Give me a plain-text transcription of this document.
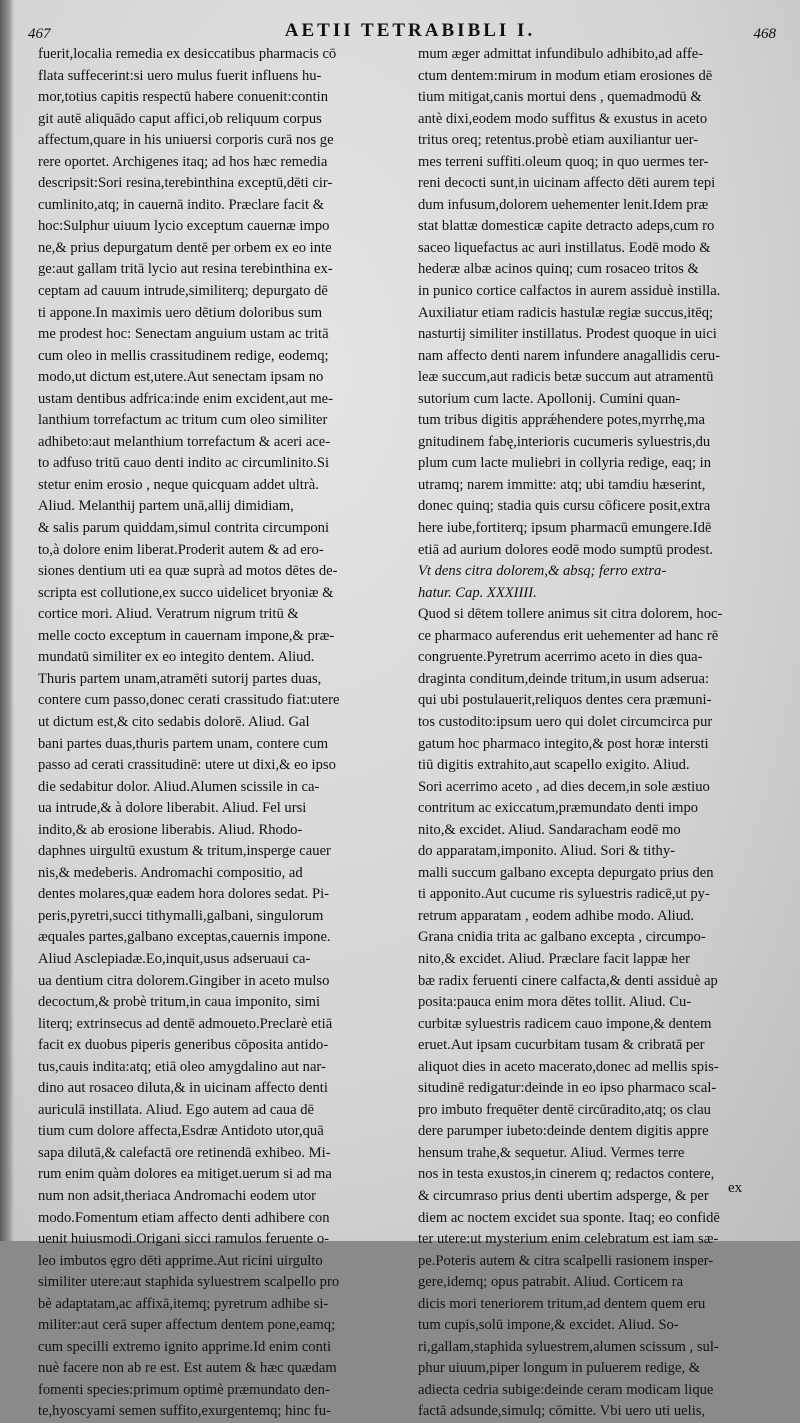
467	AETII TETRABIBLI I.	468
fuerit,localia remedia ex desiccatibus pharmacis cō
flata suffecerint:si uero mulus fuerit influens hu-
mor,totius capitis respectū habere conuenit:contin
git autē aliquādo caput affici,ob reliquum corpus
affectum,quare in his uniuersi corporis curā nos ge
rere oportet. Archigenes itaq; ad hos hæc remedia
descripsit:Sori resina,terebinthina exceptū,dēti cir-
cumlinito,atq; in cauernā indito. Præclare facit &
hoc:Sulphur uiuum lycio exceptum cauernæ impo
ne,& prius depurgatum dentē per orbem ex eo inte
ge:aut gallam tritā lycio aut resina terebinthina ex-
ceptam ad cauum intrude,similiterq; depurgato dē
ti appone.In maximis uero dētium doloribus sum
me prodest hoc: Senectam anguium ustam ac tritā
cum oleo in mellis crassitudinem redige, eodemq;
modo,ut dictum est,utere.Aut senectam ipsam no
ustam dentibus adfrica:inde enim excident,aut me-
lanthium torrefactum ac tritum cum oleo similiter
adhibeto:aut melanthium torrefactum & aceri ace-
to adfuso tritū cauo denti indito ac circumlinito.Si
stetur enim erosio , neque quicquam addet ultrà.
Aliud. Melanthij partem unā,allij dimidiam,
& salis parum quiddam,simul contrita circumponi
to,à dolore enim liberat.Proderit autem & ad ero-
siones dentium uti ea quæ suprà ad motos dētes de-
scripta est collutione,ex succo uidelicet bryoniæ &
cortice mori. Aliud. Veratrum nigrum tritū &
melle cocto exceptum in cauernam impone,& præ-
mundatū similiter ex eo integito dentem. Aliud.
Thuris partem unam,atramēti sutorij partes duas,
contere cum passo,donec cerati crassitudo fiat:utere
ut dictum est,& cito sedabis dolorē. Aliud. Gal
bani partes duas,thuris partem unam, contere cum
passo ad cerati crassitudinē: utere ut dixi,& eo ipso
die sedabitur dolor. Aliud.Alumen scissile in ca-
ua intrude,& à dolore liberabit. Aliud. Fel ursi
indito,& ab erosione liberabis. Aliud. Rhodo-
daphnes uirgultū exustum & tritum,insperge cauer
nis,& medeberis. Andromachi compositio, ad
dentes molares,quæ eadem hora dolores sedat. Pi-
peris,pyretri,succi tithymalli,galbani, singulorum
æquales partes,galbano exceptas,cauernis impone.
Aliud Asclepiadæ.Eo,inquit,usus adseruaui ca-
ua dentium citra dolorem.Gingiber in aceto mulso
decoctum,& probè tritum,in caua imponito, simi
literq; extrinsecus ad dentē admoueto.Preclarè etiā
facit ex duobus piperis generibus cōposita antido-
tus,cauis indita:atq; etiā oleo amygdalino aut nar-
dino aut rosaceo diluta,& in uicinam affecto denti
auriculā instillata. Aliud. Ego autem ad caua dē
tium cum dolore affecta,Esdræ Antidoto utor,quā
sapa dilutā,& calefactā ore retinendā exhibeo. Mi-
rum enim quàm dolores ea mitiget.uerum si ad ma
num non adsit,theriaca Andromachi eodem utor
modo.Fomentum etiam affecto denti adhibere con
uenit huiusmodi.Origani sicci ramulos feruente o-
leo imbutos ęgro dēti apprime.Aut ricini uirgulto
similiter utere:aut staphida syluestrem scalpello pro
bè adaptatam,ac affixā,itemq; pyretrum adhibe si-
militer:aut cerā super affectum dentem pone,eamq;
cum specilli extremo ignito apprime.Id enim conti
nuè facere non ab re est. Est autem & hæc quædam
fomenti species:primum optimè præmundato den-
te,hyoscyami semen suffito,exurgentemq; hinc fu-
mum æger admittat infundibulo adhibito,ad affe-
ctum dentem:mirum in modum etiam erosiones dē
tium mitigat,canis mortui dens , quemadmodū &
antè dixi,eodem modo suffitus & exustus in aceto
tritus oreq; retentus.probè etiam auxiliantur uer-
mes terreni suffiti.oleum quoq; in quo uermes ter-
reni decocti sunt,in uicinam affecto dēti aurem tepi
dum infusum,dolorem uehementer lenit.Idem præ
stat blattæ domesticæ capite detracto adeps,cum ro
saceo liquefactus ac auri instillatus. Eodē modo &
hederæ albæ acinos quinq; cum rosaceo tritos &
in punico cortice calfactos in aurem assiduè instilla.
Auxiliatur etiam radicis hastulæ regiæ succus,itēq;
nasturtij similiter instillatus. Prodest quoque in uici
nam affecto denti narem infundere anagallidis ceru-
leæ succum,aut radicis betæ succum aut atramentū
sutorium cum lacte. Apollonij. Cumini quan-
tum tribus digitis apprǽhendere potes,myrrhę,ma
gnitudinem fabę,interioris cucumeris syluestris,du
plum cum lacte muliebri in collyria redige, eaq; in
utramq; narem immitte: atq; ubi tamdiu hæserint,
donec quinq; stadia quis cursu cōficere posit,extra
here iube,fortiterq; ipsum pharmacū emungere.Idē
etiā ad aurium dolores eodē modo sumptū prodest.
Vt dens citra dolorem,& absq; ferro extra-
hatur. Cap. XXXIIII.
Quod si dētem tollere animus sit citra dolorem, hoc-
ce pharmaco auferendus erit uehementer ad hanc rē
congruente.Pyretrum acerrimo aceto in dies qua-
draginta conditum,deinde tritum,in usum adserua:
qui ubi postulauerit,reliquos dentes cera præmuni-
tos custodito:ipsum uero qui dolet circumcirca pur
gatum hoc pharmaco integito,& post horæ intersti
tiū digitis extrahito,aut scapello exigito. Aliud.
Sori acerrimo aceto , ad dies decem,in sole æstiuo
contritum ac exiccatum,præmundato denti impo
nito,& excidet. Aliud. Sandaracham eodē mo
do apparatam,imponito. Aliud. Sori & tithy-
malli succum galbano excepta depurgato prius den
ti apponito.Aut cucume ris syluestris radicē,ut py-
retrum apparatam , eodem adhibe modo. Aliud.
Grana cnidia trita ac galbano excepta , circumpo-
nito,& excidet. Aliud. Præclare facit lappæ her
bæ radix feruenti cinere calfacta,& denti assiduè ap
posita:pauca enim mora dētes tollit. Aliud. Cu-
curbitæ syluestris radicem cauo impone,& dentem
eruet.Aut ipsam cucurbitam tusam & cribratā per
aliquot dies in aceto macerato,donec ad mellis spis-
situdinē redigatur:deinde in eo ipso pharmaco scal-
pro imbuto frequēter dentē circūradito,atq; os clau
dere parumper iubeto:deinde dentem digitis appre
hensum trahe,& sequetur. Aliud. Vermes terre
nos in testa exustos,in cinerem q; redactos contere,
& circumraso prius denti ubertim adsperge, & per
diem ac noctem excidet sua sponte. Itaq; eo confidē
ter utere:ut mysterium enim celebratum est iam sæ-
pe.Poteris autem & citra scalpelli rasionem insper-
gere,idemq; opus patrabit. Aliud. Corticem ra
dicis mori teneriorem tritum,ad dentem quem eru
tum cupis,solū impone,& excidet. Aliud. So-
ri,gallam,staphida syluestrem,alumen scissum , sul-
phur uiuum,piper longum in puluerem redige, &
adiecta cedria subige:deinde ceram modicam lique
factā adsunde,simulq; cōmitte. Vbi uero uti uelis,
ex
